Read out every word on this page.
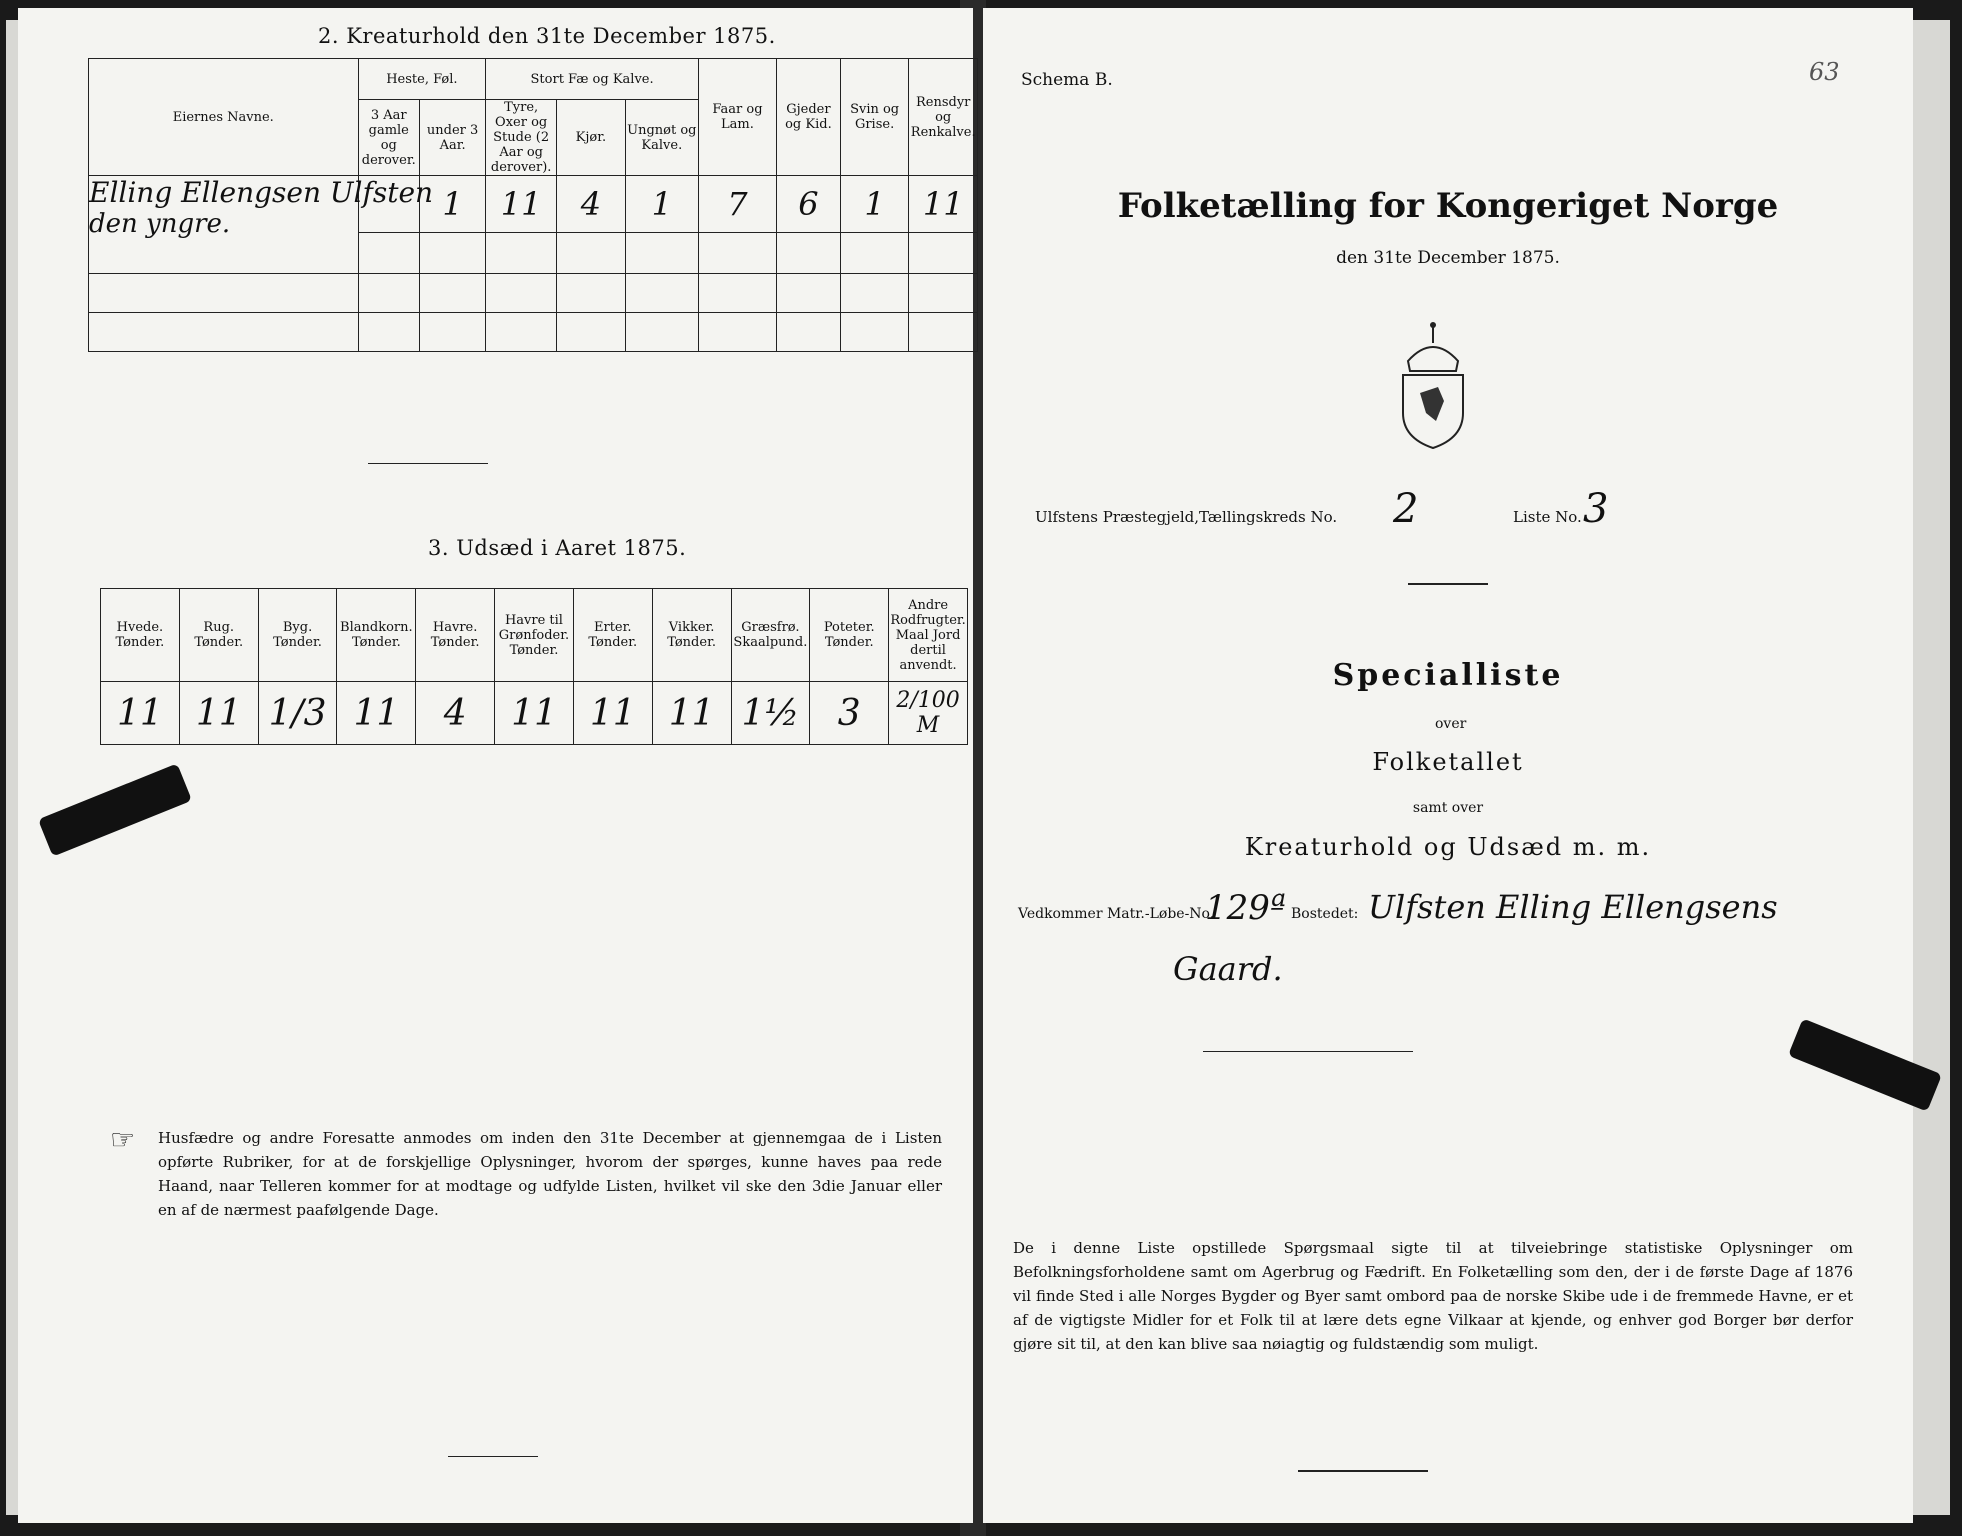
2. Kreaturhold den 31te December 1875.
Eiernes Navne.	Heste, Føl.		Stort Fæ og Kalve.			Faar og Lam.	Gjeder og Kid.	Svin og Grise.	Rensdyr og Renkalve.
	3 Aar gamle og derover.	under 3 Aar.	Tyre, Oxer og Stude (2 Aar og derover).	Kjør.	Ungnøt og Kalve.				

Elling Ellengsen Ulfsten
den yngre.		1	11	4	1	7	6	1	11

3. Udsæd i Aaret 1875.
Hvede. Tønder.	Rug. Tønder.	Byg. Tønder.	Blandkorn. Tønder.	Havre. Tønder.	Havre til Grønfoder. Tønder.	Erter. Tønder.	Vikker. Tønder.	Græsfrø. Skaalpund.	Poteter. Tønder.	Andre Rodfrugter. Maal Jord dertil anvendt.
11	11	1/3	11	4	11	11	11	1½	3	2/100 M
☞ Husfædre og andre Foresatte anmodes om inden den 31te December at gjennemgaa de i Listen opførte Rubriker, for at de forskjellige Oplysninger, hvorom der spørges, kunne haves paa rede Haand, naar Telleren kommer for at modtage og udfylde Listen, hvilket vil ske den 3die Januar eller en af de nærmest paafølgende Dage.
Schema B.	63
Folketælling for Kongeriget Norge
den 31te December 1875.
Ulfstens Præstegjeld, Tællingskreds No. 2	Liste No. 3
Specialliste
over
Folketallet
samt over
Kreaturhold og Udsæd m. m.
Vedkommer Matr.-Løbe-No.
129ª Bostedet: Ulfsten Elling Ellengsens
Gaard.
De i denne Liste opstillede Spørgsmaal sigte til at tilveiebringe statistiske Oplysninger om Befolkningsforholdene samt om Agerbrug og Fædrift. En Folketælling som den, der i de første Dage af 1876 vil finde Sted i alle Norges Bygder og Byer samt ombord paa de norske Skibe ude i de fremmede Havne, er et af de vigtigste Midler for et Folk til at lære dets egne Vilkaar at kjende, og enhver god Borger bør derfor gjøre sit til, at den kan blive saa nøiagtig og fuldstændig som muligt.
